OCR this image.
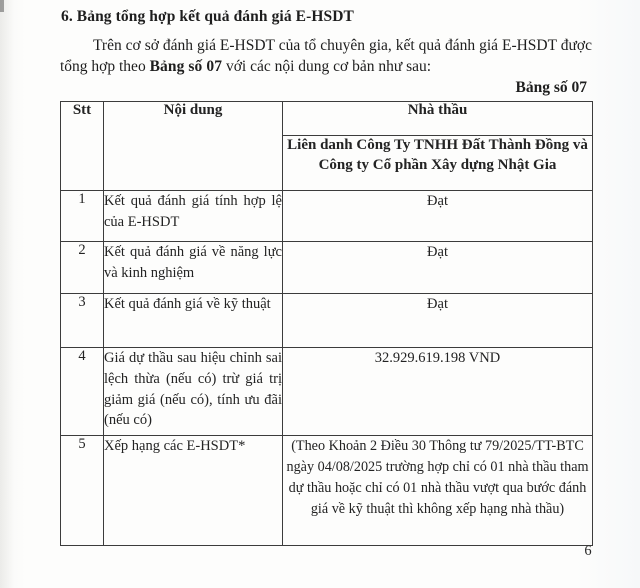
6. Bảng tổng hợp kết quả đánh giá E-HSDT

Trên cơ sở đánh giá E-HSDT của tổ chuyên gia, kết quả đánh giá E-HSDT được tổng hợp theo Bảng số 07 với các nội dung cơ bản như sau:

Bảng số 07
Stt	Nội dung	Nhà thầu
		Liên danh Công Ty TNHH Đất Thành Đồng và Công ty Cổ phần Xây dựng Nhật Gia
1	Kết quả đánh giá tính hợp lệ của E-HSDT	Đạt
2	Kết quả đánh giá về năng lực và kinh nghiệm	Đạt
3	Kết quả đánh giá về kỹ thuật	Đạt
4	Giá dự thầu sau hiệu chỉnh sai lệch thừa (nếu có) trừ giá trị giảm giá (nếu có), tính ưu đãi (nếu có)	32.929.619.198 VND
5	Xếp hạng các E-HSDT*	(Theo Khoản 2 Điều 30 Thông tư 79/2025/TT-BTC ngày 04/08/2025 trường hợp chỉ có 01 nhà thầu tham dự thầu hoặc chỉ có 01 nhà thầu vượt qua bước đánh giá về kỹ thuật thì không xếp hạng nhà thầu)
6
